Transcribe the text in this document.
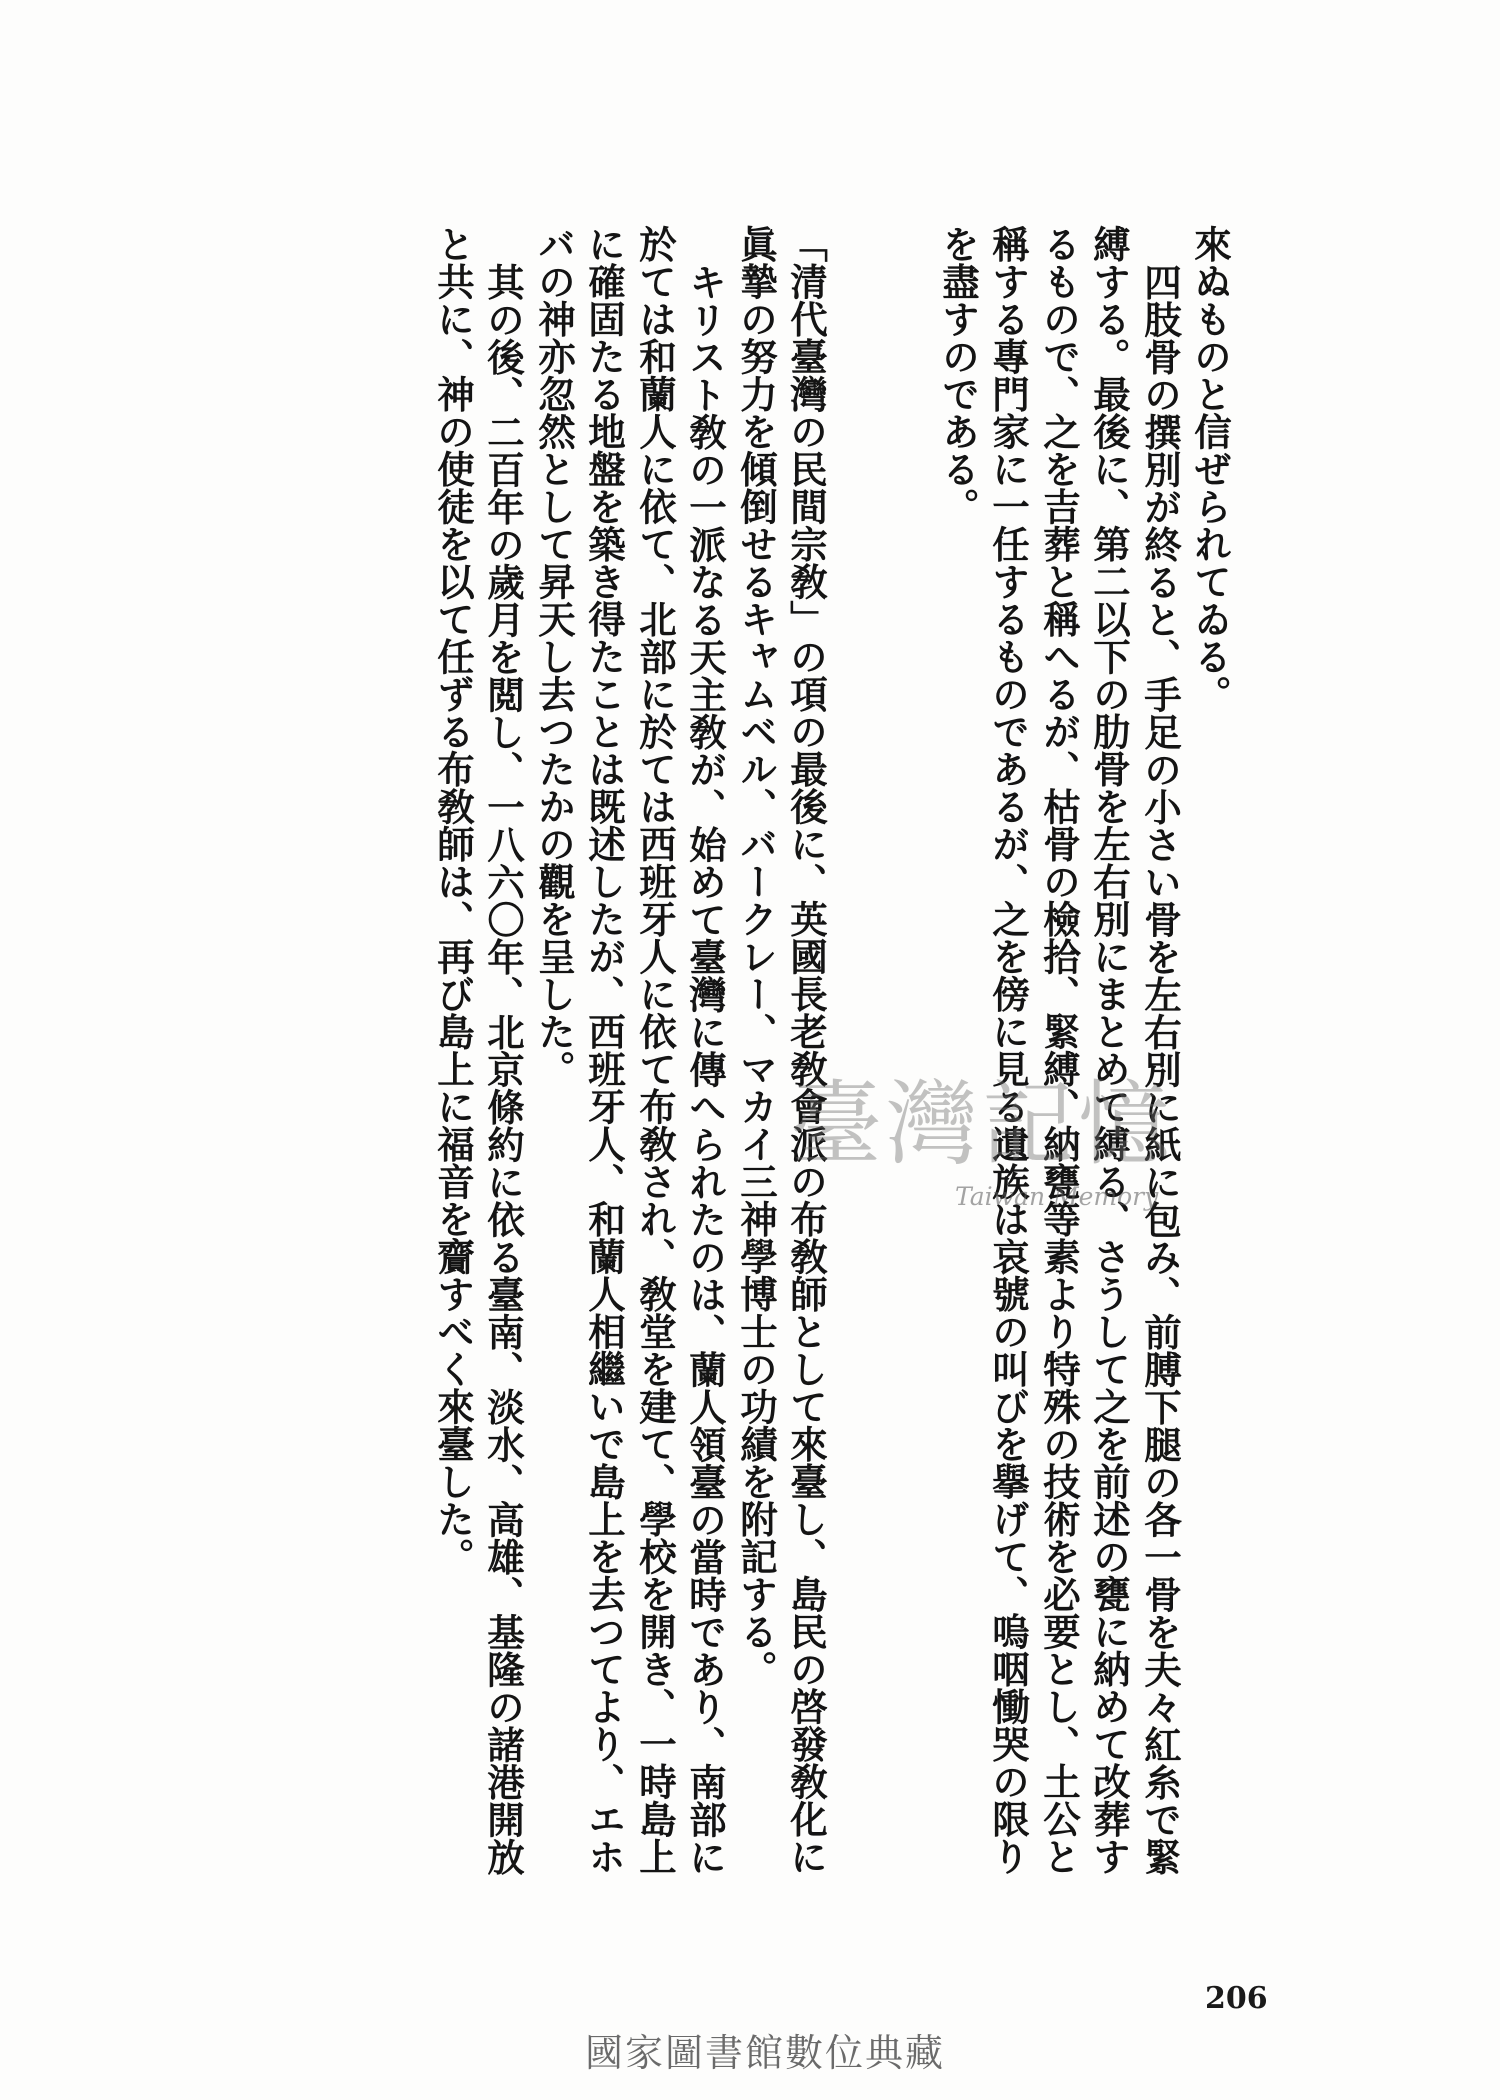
來ぬものと信ぜられてゐる。
四肢骨の撰別が終ると、手足の小さい骨を左右別に紙に包み、前膊下腿の各一骨を夫々紅糸で緊
縛する。最後に、第二以下の肋骨を左右別にまとめて縛る、さうして之を前述の甕に納めて改葬す
るもので、之を吉葬と稱へるが、枯骨の檢拾、緊縛、納甕等素より特殊の技術を必要とし、土公と
稱する專門家に一任するものであるが、之を傍に見る遺族は哀號の叫びを擧げて、嗚咽慟哭の限り
を盡すのである。
「清代臺灣の民間宗敎」の項の最後に、英國長老敎會派の布敎師として來臺し、島民の啓發敎化に
眞摯の努力を傾倒せるキャムベル、バークレー、マカイ三神學博士の功績を附記する。
キリスト敎の一派なる天主敎が、始めて臺灣に傳へられたのは、蘭人領臺の當時であり、南部に
於ては和蘭人に依て、北部に於ては西班牙人に依て布敎され、敎堂を建て、學校を開き、一時島上
に確固たる地盤を築き得たことは既述したが、西班牙人、和蘭人相繼いで島上を去つてより、エホ
バの神亦忽然として昇天し去つたかの觀を呈した。
其の後、二百年の歲月を閲し、一八六〇年、北京條約に依る臺南、淡水、高雄、基隆の諸港開放
と共に、神の使徒を以て任ずる布敎師は、再び島上に福音を齎すべく來臺した。	臺灣記憶
Taiwan Memory
206
國家圖書館數位典藏
